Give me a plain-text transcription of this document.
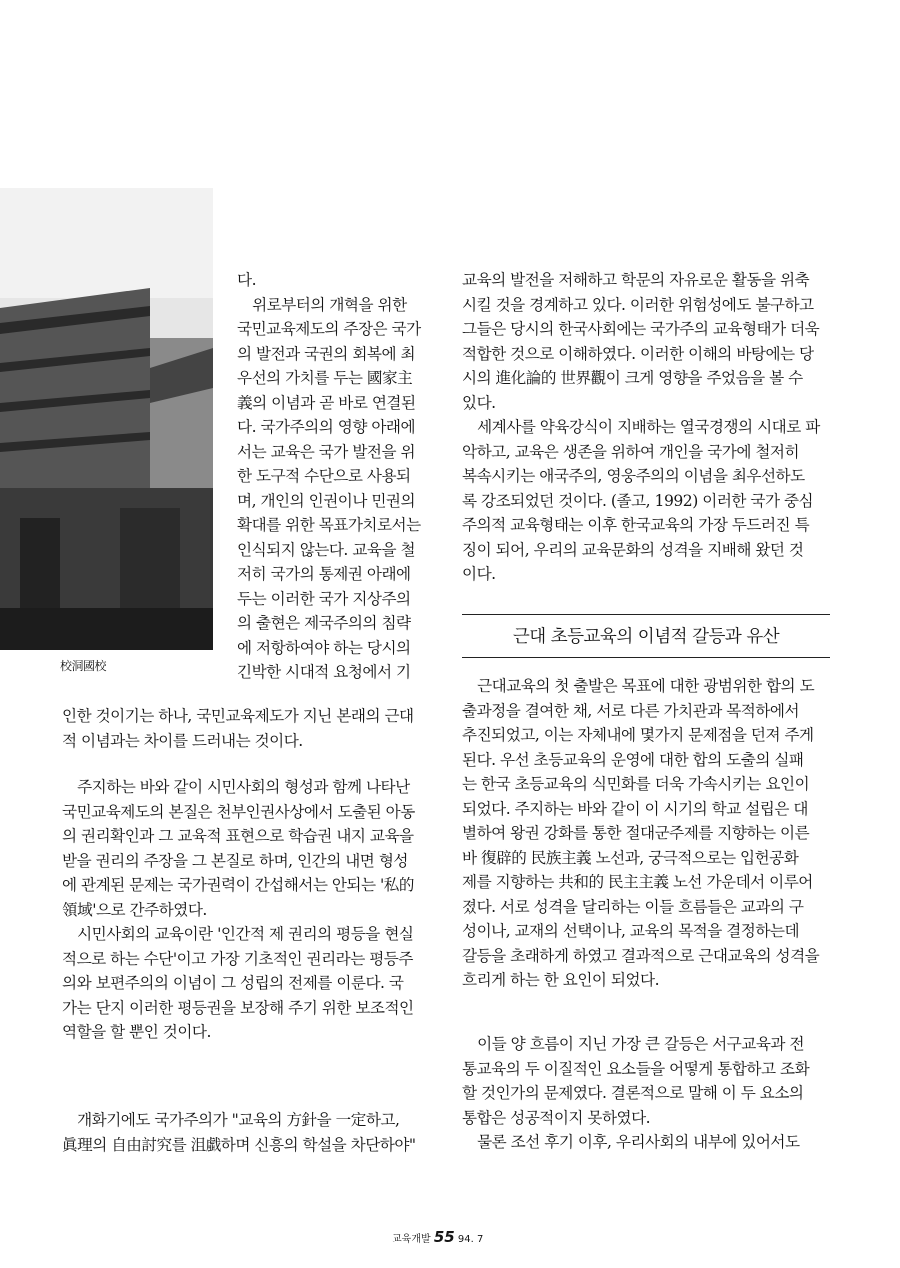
校洞國校
다.
　위로부터의 개혁을 위한
국민교육제도의 주장은 국가
의 발전과 국권의 회복에 최
우선의 가치를 두는 國家主
義의 이념과 곧 바로 연결된
다. 국가주의의 영향 아래에
서는 교육은 국가 발전을 위
한 도구적 수단으로 사용되
며, 개인의 인권이나 민권의
확대를 위한 목표가치로서는
인식되지 않는다. 교육을 철
저히 국가의 통제권 아래에
두는 이러한 국가 지상주의
의 출현은 제국주의의 침략
에 저항하여야 하는 당시의
긴박한 시대적 요청에서 기
인한 것이기는 하나, 국민교육제도가 지닌 본래의 근대
적 이념과는 차이를 드러내는 것이다.
　주지하는 바와 같이 시민사회의 형성과 함께 나타난
국민교육제도의 본질은 천부인권사상에서 도출된 아동
의 권리확인과 그 교육적 표현으로 학습권 내지 교육을
받을 권리의 주장을 그 본질로 하며, 인간의 내면 형성
에 관계된 문제는 국가권력이 간섭해서는 안되는 '私的
領域'으로 간주하였다.
　시민사회의 교육이란 '인간적 제 권리의 평등을 현실
적으로 하는 수단'이고 가장 기초적인 권리라는 평등주
의와 보편주의의 이념이 그 성립의 전제를 이룬다. 국
가는 단지 이러한 평등권을 보장해 주기 위한 보조적인
역할을 할 뿐인 것이다.
　개화기에도 국가주의가 "교육의 方針을 一定하고,
眞理의 自由討究를 沮戱하며 신흥의 학설을 차단하야"
교육의 발전을 저해하고 학문의 자유로운 활동을 위축
시킬 것을 경계하고 있다. 이러한 위험성에도 불구하고
그들은 당시의 한국사회에는 국가주의 교육형태가 더욱
적합한 것으로 이해하였다. 이러한 이해의 바탕에는 당
시의 進化論的 世界觀이 크게 영향을 주었음을 볼 수
있다.
　세계사를 약육강식이 지배하는 열국경쟁의 시대로 파
악하고, 교육은 생존을 위하여 개인을 국가에 철저히
복속시키는 애국주의, 영웅주의의 이념을 최우선하도
록 강조되었던 것이다. (졸고, 1992) 이러한 국가 중심
주의적 교육형태는 이후 한국교육의 가장 두드러진 특
징이 되어, 우리의 교육문화의 성격을 지배해 왔던 것
이다.
근대 초등교육의 이념적 갈등과 유산
　근대교육의 첫 출발은 목표에 대한 광범위한 합의 도
출과정을 결여한 채, 서로 다른 가치관과 목적하에서
추진되었고, 이는 자체내에 몇가지 문제점을 던져 주게
된다. 우선 초등교육의 운영에 대한 합의 도출의 실패
는 한국 초등교육의 식민화를 더욱 가속시키는 요인이
되었다. 주지하는 바와 같이 이 시기의 학교 설립은 대
별하여 왕권 강화를 통한 절대군주제를 지향하는 이른
바 復辟的 民族主義 노선과, 궁극적으로는 입헌공화
제를 지향하는 共和的 民主主義 노선 가운데서 이루어
졌다. 서로 성격을 달리하는 이들 흐름들은 교과의 구
성이나, 교재의 선택이나, 교육의 목적을 결정하는데
갈등을 초래하게 하였고 결과적으로 근대교육의 성격을
흐리게 하는 한 요인이 되었다.
　이들 양 흐름이 지닌 가장 큰 갈등은 서구교육과 전
통교육의 두 이질적인 요소들을 어떻게 통합하고 조화
할 것인가의 문제였다. 결론적으로 말해 이 두 요소의
통합은 성공적이지 못하였다.
　물론 조선 후기 이후, 우리사회의 내부에 있어서도
교육개발 55 94. 7
